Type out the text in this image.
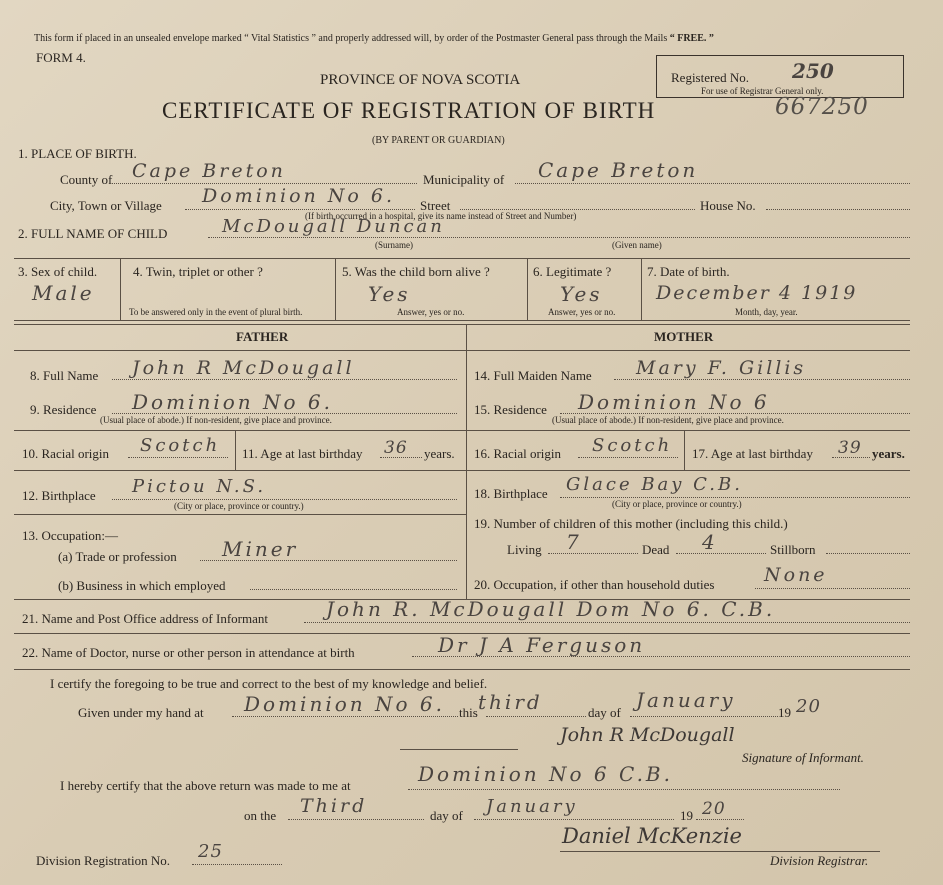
This form if placed in an unsealed envelope marked “ Vital Statistics ” and properly addressed will, by order of the Postmaster General pass through the Mails “ FREE. ”
FORM 4.
PROVINCE OF NOVA SCOTIA
CERTIFICATE OF REGISTRATION OF BIRTH
(BY PARENT OR GUARDIAN)
Registered No. 250
For use of Registrar General only.
667250
1. PLACE OF BIRTH.
County of Cape Breton	Municipality of Cape Breton
City, Town or Village Dominion No 6. Street	House No.
(If birth occurred in a hospital, give its name instead of Street and Number)
2. FULL NAME OF CHILD	McDougall Duncan
(Surname)	(Given name)
3. Sex of child.
Male
4. Twin, triplet or other ?
To be answered only in the event of plural birth.
5. Was the child born alive ?
Yes
Answer, yes or no.
6. Legitimate ?
Yes
Answer, yes or no.
7. Date of birth.
December 4 1919
Month, day, year.
FATHER	MOTHER
8. Full Name John R McDougall
9. Residence Dominion No 6.
(Usual place of abode.) If non-resident, give place and province.
10. Racial origin Scotch 11. Age at last birthday 36 years.
12. Birthplace Pictou N.S.
(City or place, province or country.)
13. Occupation:—
(a) Trade or profession Miner
(b) Business in which employed
14. Full Maiden Name Mary F. Gillis
15. Residence Dominion No 6
(Usual place of abode.) If non-resident, give place and province.
16. Racial origin Scotch 17. Age at last birthday 39 years.
18. Birthplace Glace Bay C.B.
(City or place, province or country.)
19. Number of children of this mother (including this child.)
Living 7	Dead 4	Stillborn
20. Occupation, if other than household duties	None
21. Name and Post Office address of Informant	John R. McDougall Dom No 6. C.B.
22. Name of Doctor, nurse or other person in attendance at birth	Dr J A Ferguson
I certify the foregoing to be true and correct to the best of my knowledge and belief.
Given under my hand at Dominion No 6. this third	day of
January
19 20
John R McDougall
Signature of Informant.
I hereby certify that the above return was made to me at	Dominion No 6 C.B.
on the Third	day of January	19 20
Division Registration No. 25
Daniel McKenzie
Division Registrar.
